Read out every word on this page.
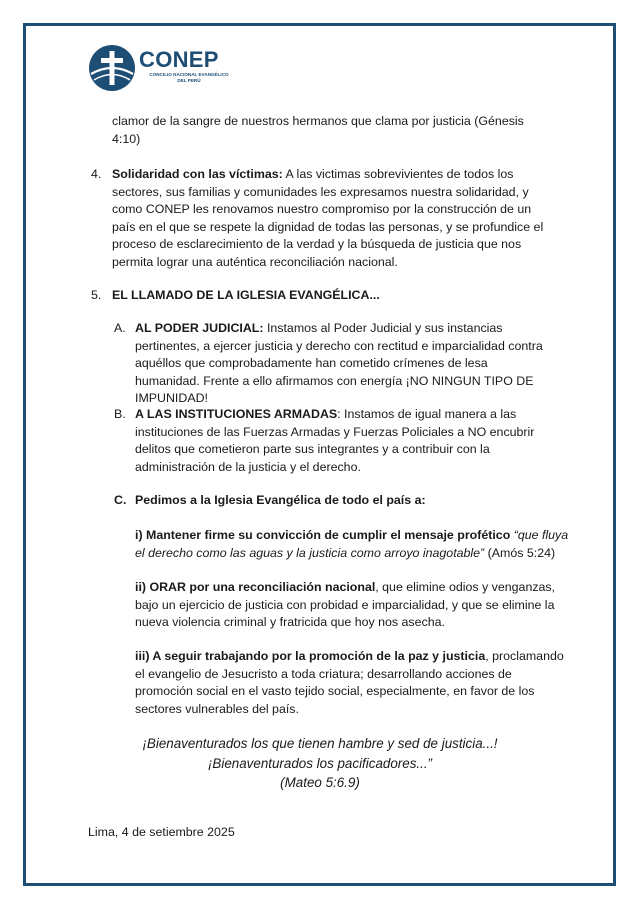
CONEP
CONCILIO NACIONAL EVANGÉLICO
DEL PERÚ
clamor de la sangre de nuestros hermanos que clama por justicia (Génesis 4:10)
4. Solidaridad con las víctimas: A las victimas sobrevivientes de todos los sectores, sus familias y comunidades les expresamos nuestra solidaridad, y como CONEP les renovamos nuestro compromiso por la construcción de un país en el que se respete la dignidad de todas las personas, y se profundice el proceso de esclarecimiento de la verdad y la búsqueda de justicia que nos permita lograr una auténtica reconciliación nacional.
5. EL LLAMADO DE LA IGLESIA EVANGÉLICA...
A. AL PODER JUDICIAL: Instamos al Poder Judicial y sus instancias pertinentes, a ejercer justicia y derecho con rectitud e imparcialidad contra aquéllos que comprobadamente han cometido crímenes de lesa humanidad. Frente a ello afirmamos con energía ¡NO NINGUN TIPO DE IMPUNIDAD!
B. A LAS INSTITUCIONES ARMADAS: Instamos de igual manera a las instituciones de las Fuerzas Armadas y Fuerzas Policiales a NO encubrir delitos que cometieron parte sus integrantes y a contribuir con la administración de la justicia y el derecho.
C. Pedimos a la Iglesia Evangélica de todo el país a:
i) Mantener firme su convicción de cumplir el mensaje profético “que fluya el derecho como las aguas y la justicia como arroyo inagotable” (Amós 5:24)
ii) ORAR por una reconciliación nacional, que elimine odios y venganzas, bajo un ejercicio de justicia con probidad e imparcialidad, y que se elimine la nueva violencia criminal y fratricida que hoy nos asecha.
iii) A seguir trabajando por la promoción de la paz y justicia, proclamando el evangelio de Jesucristo a toda criatura; desarrollando acciones de promoción social en el vasto tejido social, especialmente, en favor de los sectores vulnerables del país.
¡Bienaventurados los que tienen hambre y sed de justicia...!
¡Bienaventurados los pacificadores...”
(Mateo 5:6.9)
Lima, 4 de setiembre 2025
